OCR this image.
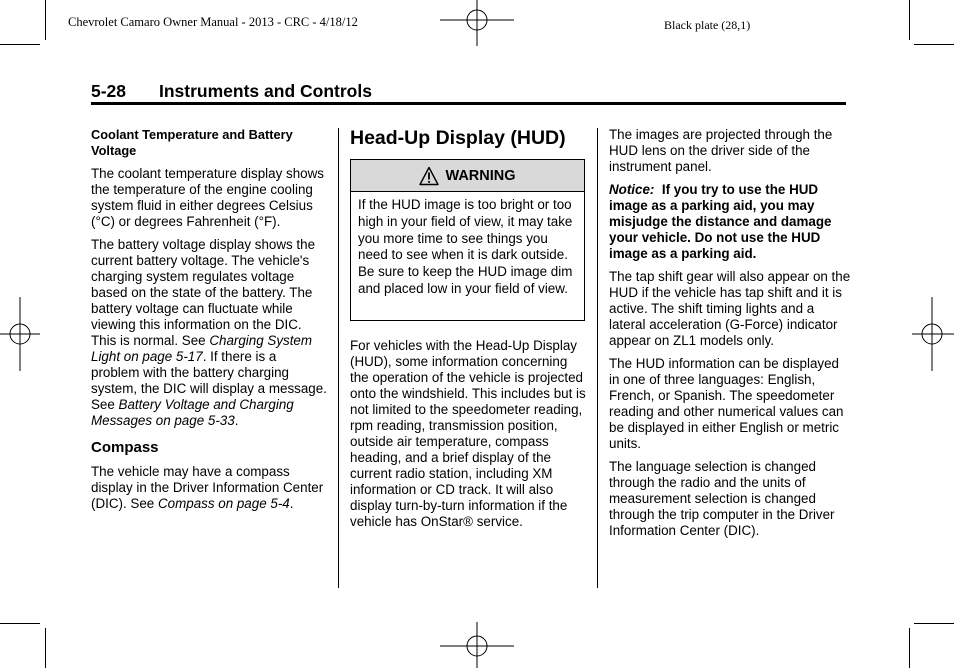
Chevrolet Camaro Owner Manual - 2013 - CRC - 4/18/12	Black plate (28,1)
5-28 Instruments and Controls
Coolant Temperature and Battery Voltage

The coolant temperature display shows the temperature of the engine cooling system fluid in either degrees Celsius (°C) or degrees Fahrenheit (°F).

The battery voltage display shows the current battery voltage. The vehicle's charging system regulates voltage based on the state of the battery. The battery voltage can fluctuate while viewing this information on the DIC. This is normal. See Charging System Light on page 5-17. If there is a problem with the battery charging system, the DIC will display a message. See Battery Voltage and Charging Messages on page 5-33.

Compass

The vehicle may have a compass display in the Driver Information Center (DIC). See Compass on page 5-4.

Head-Up Display (HUD)
WARNING
If the HUD image is too bright or too high in your field of view, it may take you more time to see things you need to see when it is dark outside. Be sure to keep the HUD image dim and placed low in your field of view.

For vehicles with the Head-Up Display (HUD), some information concerning the operation of the vehicle is projected onto the windshield. This includes but is not limited to the speedometer reading, rpm reading, transmission position, outside air temperature, compass heading, and a brief display of the current radio station, including XM information or CD track. It will also display turn-by-turn information if the vehicle has OnStar® service.

The images are projected through the HUD lens on the driver side of the instrument panel.

Notice: If you try to use the HUD image as a parking aid, you may misjudge the distance and damage your vehicle. Do not use the HUD image as a parking aid.

The tap shift gear will also appear on the HUD if the vehicle has tap shift and it is active. The shift timing lights and a lateral acceleration (G-Force) indicator appear on ZL1 models only.

The HUD information can be displayed in one of three languages: English, French, or Spanish. The speedometer reading and other numerical values can be displayed in either English or metric units.

The language selection is changed through the radio and the units of measurement selection is changed through the trip computer in the Driver Information Center (DIC).
